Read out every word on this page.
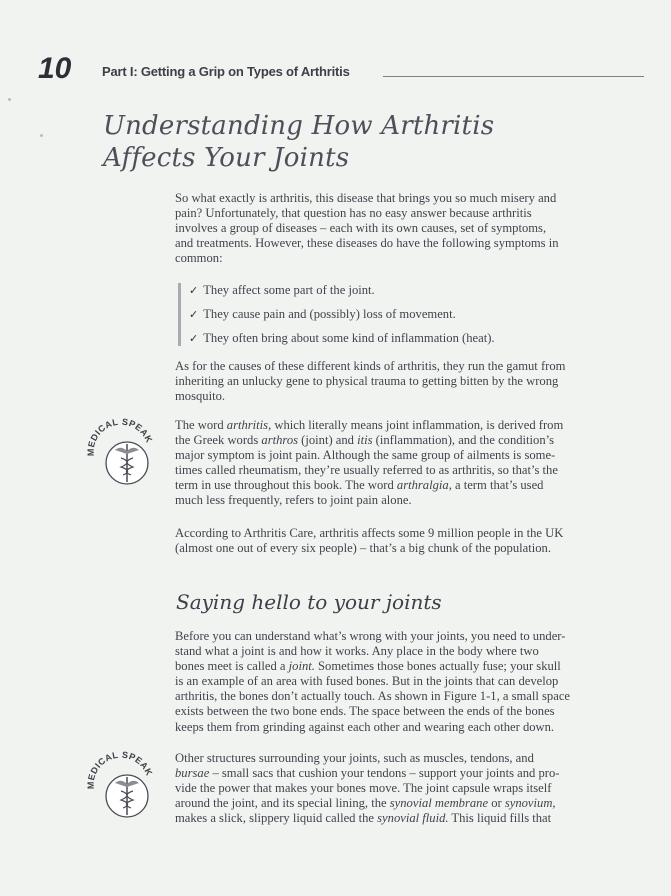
10 Part I: Getting a Grip on Types of Arthritis
Understanding How Arthritis
Affects Your Joints

So what exactly is arthritis, this disease that brings you so much misery and
pain? Unfortunately, that question has no easy answer because arthritis
involves a group of diseases – each with its own causes, set of symptoms,
and treatments. However, these diseases do have the following symptoms in
common:

✓ They affect some part of the joint.
✓ They cause pain and (possibly) loss of movement.
✓ They often bring about some kind of inflammation (heat).

As for the causes of these different kinds of arthritis, they run the gamut from
inheriting an unlucky gene to physical trauma to getting bitten by the wrong
mosquito.

MEDICAL SPEAK

The word arthritis, which literally means joint inflammation, is derived from
the Greek words arthros (joint) and itis (inflammation), and the condition’s
major symptom is joint pain. Although the same group of ailments is some-
times called rheumatism, they’re usually referred to as arthritis, so that’s the
term in use throughout this book. The word arthralgia, a term that’s used
much less frequently, refers to joint pain alone.

According to Arthritis Care, arthritis affects some 9 million people in the UK
(almost one out of every six people) – that’s a big chunk of the population.

Saying hello to your joints

Before you can understand what’s wrong with your joints, you need to under-
stand what a joint is and how it works. Any place in the body where two
bones meet is called a joint. Sometimes those bones actually fuse; your skull
is an example of an area with fused bones. But in the joints that can develop
arthritis, the bones don’t actually touch. As shown in Figure 1-1, a small space
exists between the two bone ends. The space between the ends of the bones
keeps them from grinding against each other and wearing each other down.

MEDICAL SPEAK

Other structures surrounding your joints, such as muscles, tendons, and
bursae – small sacs that cushion your tendons – support your joints and pro-
vide the power that makes your bones move. The joint capsule wraps itself
around the joint, and its special lining, the synovial membrane or synovium,
makes a slick, slippery liquid called the synovial fluid. This liquid fills that
